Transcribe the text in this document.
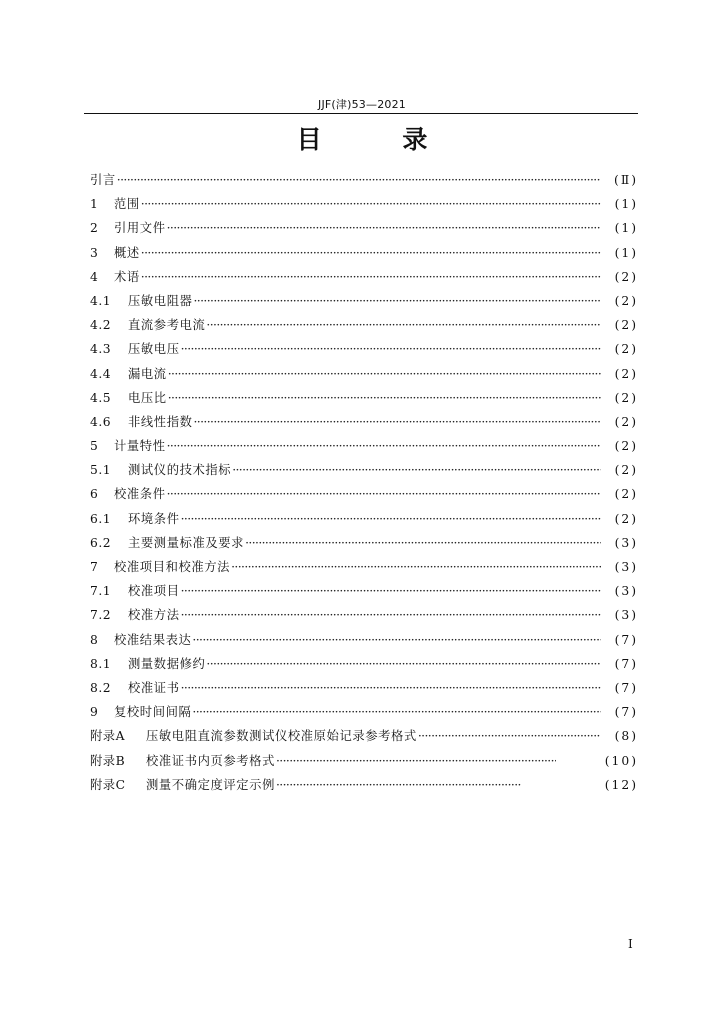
JJF(津)53—2021
目 录
引言 ·····	(Ⅱ)
1	范围 ·····	(1)
2	引用文件 ·····	(1)
3	概述 ·····	(1)
4	术语 ·····	(2)
4.1	压敏电阻器 ·····	(2)
4.2	直流参考电流 ·····	(2)
4.3	压敏电压 ·····	(2)
4.4	漏电流 ·····	(2)
4.5	电压比 ·····	(2)
4.6	非线性指数 ·····	(2)
5	计量特性 ·····	(2)
5.1	测试仪的技术指标 ·····	(2)
6	校准条件 ·····	(2)
6.1	环境条件 ·····	(2)
6.2	主要测量标准及要求 ·····	(3)
7	校准项目和校准方法 ·····	(3)
7.1	校准项目 ·····	(3)
7.2	校准方法 ·····	(3)
8	校准结果表达 ·····	(7)
8.1	测量数据修约 ·····	(7)
8.2	校准证书 ·····	(7)
9	复校时间间隔 ·····	(7)
附录A	压敏电阻直流参数测试仪校准原始记录参考格式 ·····	(8)
附录B	校准证书内页参考格式 ·····	(10)
附录C	测量不确定度评定示例 ·····	(12)
I
